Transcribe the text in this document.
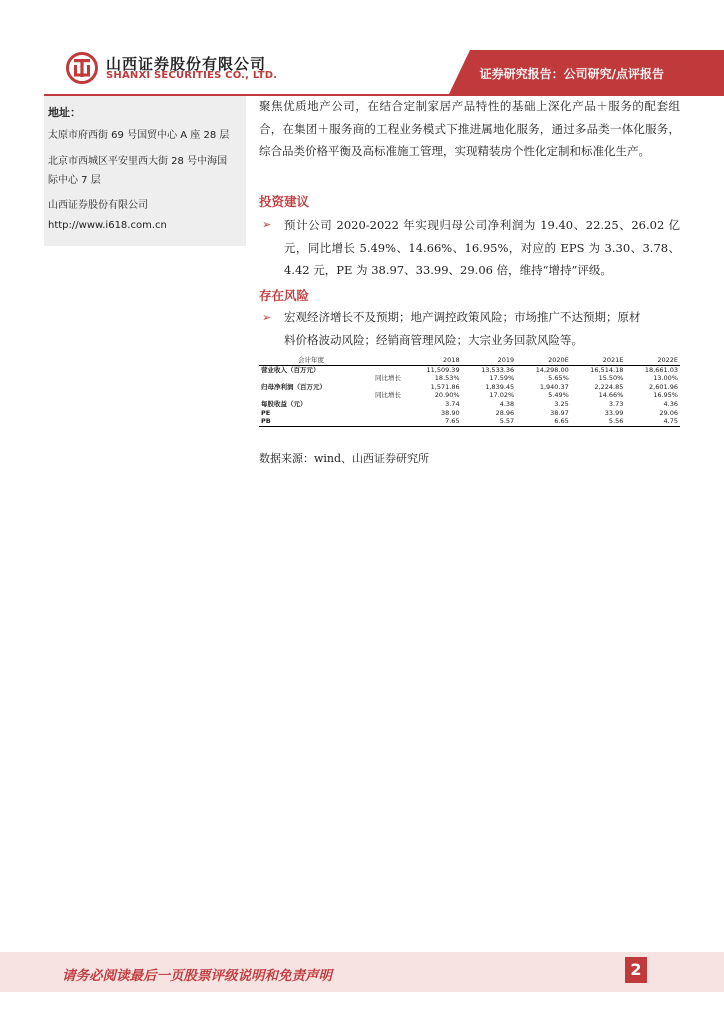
山西证券股份有限公司
SHANXI SECURITIES CO., LTD.	证券研究报告：公司研究/点评报告
地址：
太原市府西街 69 号国贸中心 A 座 28 层
北京市西城区平安里西大街 28 号中海国
际中心 7 层
山西证券股份有限公司
http://www.i618.com.cn
聚焦优质地产公司，在结合定制家居产品特性的基础上深化产品＋服务的配套组合，在集团＋服务商的工程业务模式下推进属地化服务，通过多品类一体化服务，综合品类价格平衡及高标准施工管理，实现精装房个性化定制和标准化生产。
投资建议
➢ 预计公司 2020-2022 年实现归母公司净利润为 19.40、22.25、26.02 亿元，同比增长 5.49%、14.66%、16.95%，对应的 EPS 为 3.30、3.78、4.42 元，PE 为 38.97、33.99、29.06 倍，维持“增持”评级。
存在风险
➢ 宏观经济增长不及预期；地产调控政策风险；市场推广不达预期；原材
料价格波动风险；经销商管理风险；大宗业务回款风险等。
会计年度		2018	2019	2020E	2021E	2022E
营业收入（百万元）		11,509.39	13,533.36	14,298.00	16,514.18	18,661.03
	同比增长	18.53%	17.59%	5.65%	15.50%	13.00%
归母净利润（百万元）		1,571.86	1,839.45	1,940.37	2,224.85	2,601.96
	同比增长	20.90%	17.02%	5.49%	14.66%	16.95%
每股收益（元）		3.74	4.38	3.25	3.73	4.36
PE		38.90	28.96	38.97	33.99	29.06
PB		7.65	5.57	6.65	5.56	4.75
数据来源：wind、山西证券研究所
请务必阅读最后一页股票评级说明和免责声明	2
